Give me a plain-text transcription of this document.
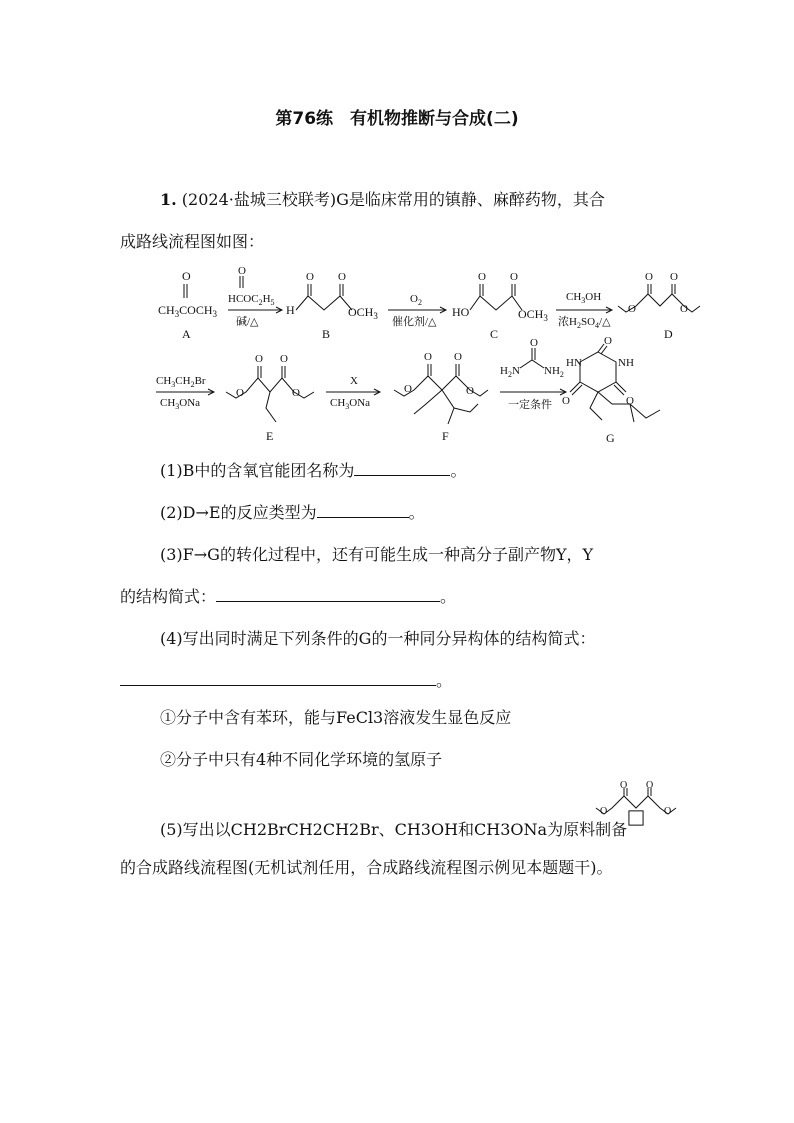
第76练　有机物推断与合成(二)
1. (2024·盐城三校联考)G是临床常用的镇静、麻醉药物，其合
成路线流程图如图：
O
$CH_3COCH_3$
A
O
$HCOC_2H_5$
碱/△
H
O O
$OCH_3$
B
$O_2$
催化剂/△
HO
O O
$OCH_3$
C
$CH_3OH$
浓$H_2SO_4/\triangle$
O	O
O O
D
$CH_3CH_2Br$
$CH_3ONa$
O	O
O O
E
X
$CH_3ONa$
O O
O	O
F
O
$H_2N$ $NH_2$
一定条件
O
HN	NH
O	O
G
(1)B中的含氧官能团名称为	。
(2)D→E的反应类型为	。
(3)F→G的转化过程中，还有可能生成一种高分子副产物Y，Y
的结构简式：	。
(4)写出同时满足下列条件的G的一种同分异构体的结构简式：
。
①分子中含有苯环，能与FeCl3溶液发生显色反应
②分子中只有4种不同化学环境的氢原子
(5)写出以CH2BrCH2CH2Br、CH3OH和CH3ONa为原料制备
O	O
O O
的合成路线流程图(无机试剂任用，合成路线流程图示例见本题题干)。
